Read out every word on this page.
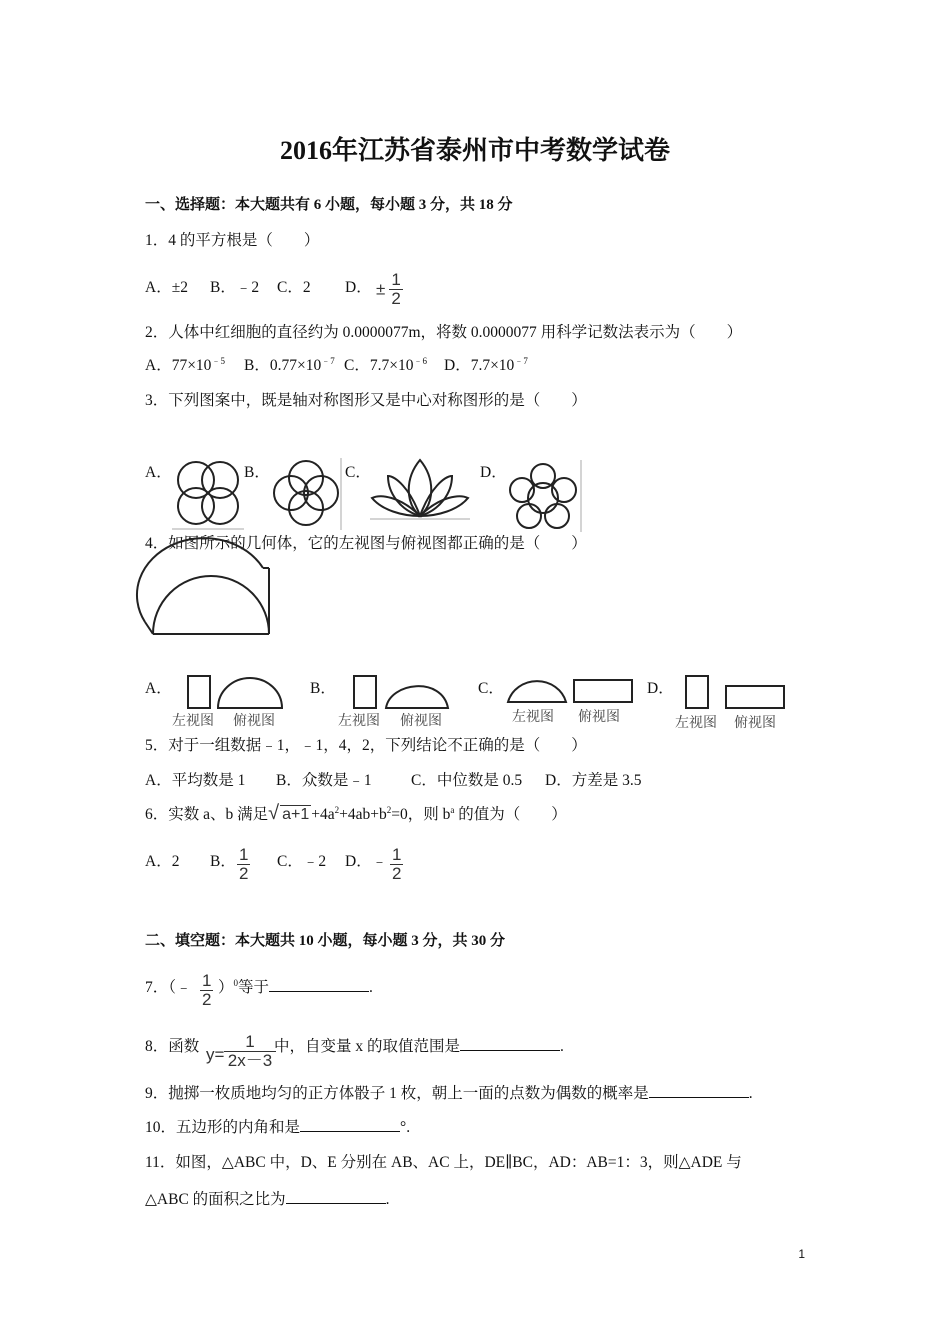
2016年江苏省泰州市中考数学试卷
一、选择题：本大题共有 6 小题，每小题 3 分，共 18 分
1．4 的平方根是（　　）
A．±2 B．﹣2 C．2 D． ± $\frac{1}{2}$
2．人体中红细胞的直径约为 0.0000077m，将数 0.0000077 用科学记数法表示为（　　）
A．$77\times 10^{﹣5}$ B．$0.77\times 10^{﹣7}$ C．$7.7\times 10^{﹣6}$ D．$7.7\times 10^{﹣7}$
3．下列图案中，既是轴对称图形又是中心对称图形的是（　　）
A．	B．	C．	D．
4．如图所示的几何体，它的左视图与俯视图都正确的是（　　）
A．	B．	C．	D．
左视图 俯视图	左视图 俯视图	左视图 俯视图	左视图 俯视图
5．对于一组数据﹣1，﹣1，4，2，下列结论不正确的是（　　）
A．平均数是 1 B．众数是﹣1	C．中位数是 0.5 D．方差是 3.5
6．实数 a、b 满足 √ $a+1 +4a^2+4ab+b^2=0$，则 $b^a$ 的值为（　　）
A．2 B． $\frac{1}{2}$ C．﹣2 D．﹣ $\frac{1}{2}$
二、填空题：本大题共 10 小题，每小题 3 分，共 30 分
7．（﹣ $\frac{1}{2} )^0$等于	.
8．函数 $y= \frac{1}{2x-3}$
中，自变量 x 的取值范围是	.
9．抛掷一枚质地均匀的正方体骰子 1 枚，朝上一面的点数为偶数的概率是	.
10．五边形的内角和是	°.
11．如图，△ABC 中，D、E 分别在 AB、AC 上，DE∥BC，AD：AB=1：3，则△ADE 与
△ABC 的面积之比为	.
1
